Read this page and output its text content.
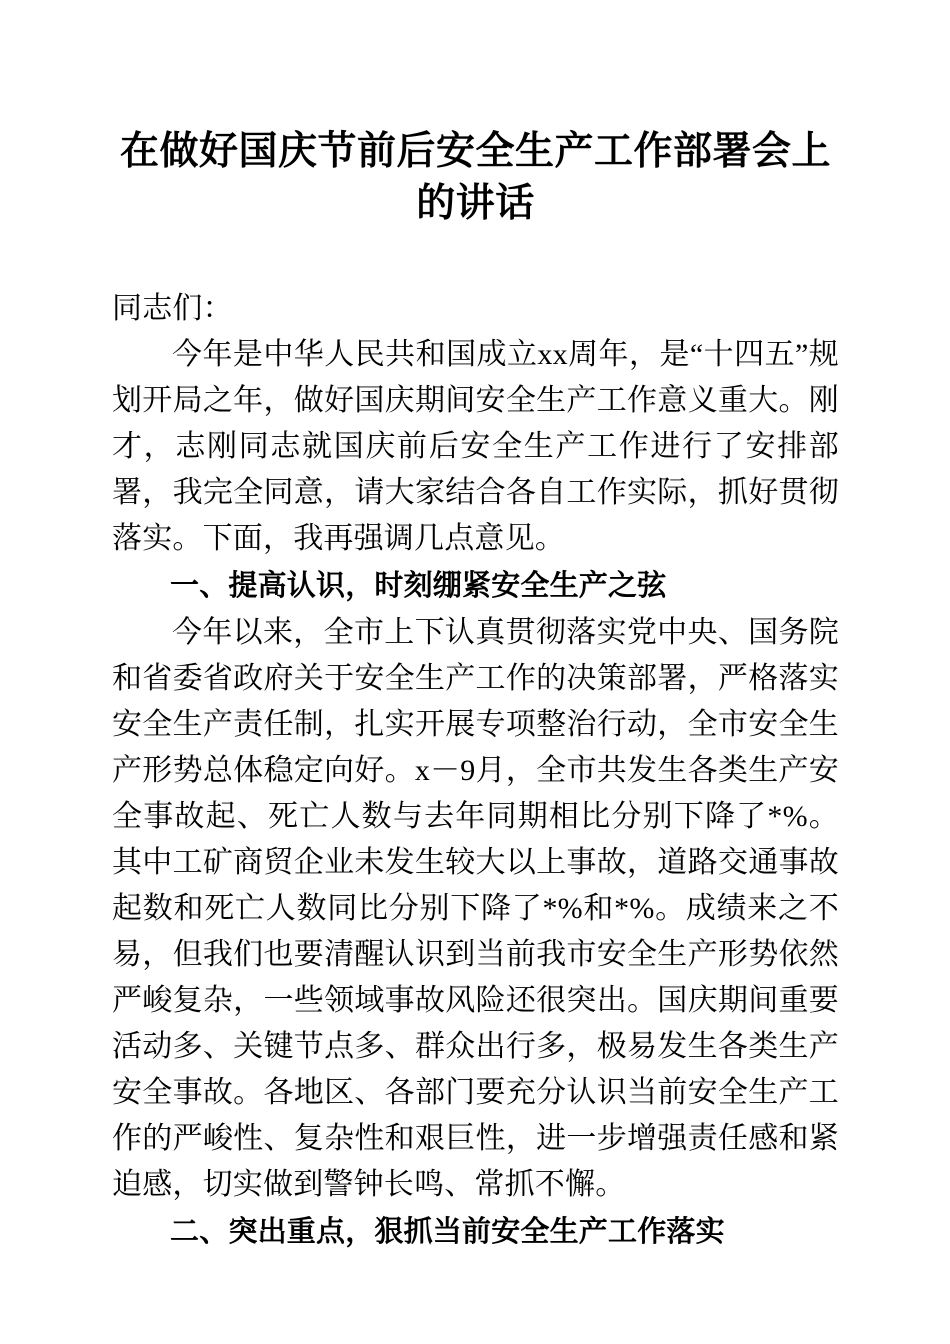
在做好国庆节前后安全生产工作部署会上的讲话

同志们：

今年是中华人民共和国成立xx周年，是“十四五”规划开局之年，做好国庆期间安全生产工作意义重大。刚才，志刚同志就国庆前后安全生产工作进行了安排部署，我完全同意，请大家结合各自工作实际，抓好贯彻落实。下面，我再强调几点意见。

一、提高认识，时刻绷紧安全生产之弦

今年以来，全市上下认真贯彻落实党中央、国务院和省委省政府关于安全生产工作的决策部署，严格落实安全生产责任制，扎实开展专项整治行动，全市安全生产形势总体稳定向好。x－9月，全市共发生各类生产安全事故起、死亡人数与去年同期相比分别下降了*%。其中工矿商贸企业未发生较大以上事故，道路交通事故起数和死亡人数同比分别下降了*%和*%。成绩来之不易，但我们也要清醒认识到当前我市安全生产形势依然严峻复杂，一些领域事故风险还很突出。国庆期间重要活动多、关键节点多、群众出行多，极易发生各类生产安全事故。各地区、各部门要充分认识当前安全生产工作的严峻性、复杂性和艰巨性，进一步增强责任感和紧迫感，切实做到警钟长鸣、常抓不懈。

二、突出重点，狠抓当前安全生产工作落实
